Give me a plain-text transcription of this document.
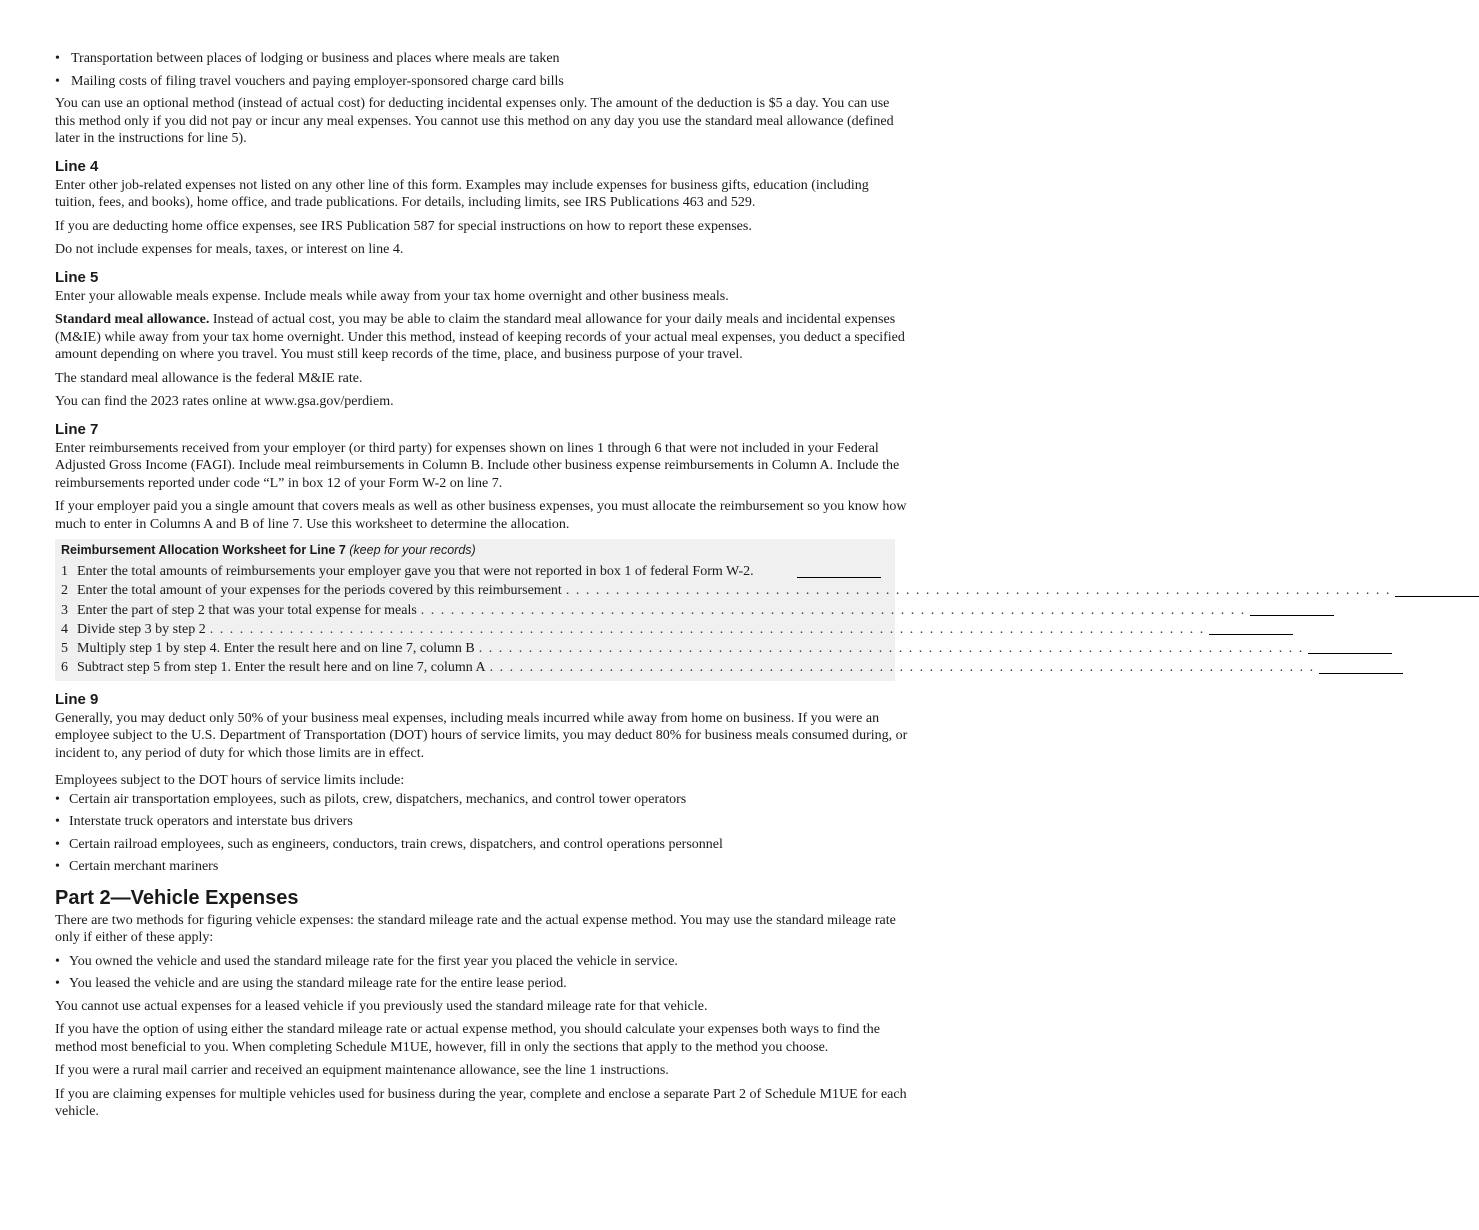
• Transportation between places of lodging or business and places where meals are taken
• Mailing costs of filing travel vouchers and paying employer-sponsored charge card bills

You can use an optional method (instead of actual cost) for deducting incidental expenses only. The amount of the deduction is $5 a day. You can use this method only if you did not pay or incur any meal expenses. You cannot use this method on any day you use the standard meal allowance (defined later in the instructions for line 5).

Line 4

Enter other job-related expenses not listed on any other line of this form. Examples may include expenses for business gifts, education (including tuition, fees, and books), home office, and trade publications. For details, including limits, see IRS Publications 463 and 529.

If you are deducting home office expenses, see IRS Publication 587 for special instructions on how to report these expenses.

Do not include expenses for meals, taxes, or interest on line 4.

Line 5

Enter your allowable meals expense. Include meals while away from your tax home overnight and other business meals.

Standard meal allowance. Instead of actual cost, you may be able to claim the standard meal allowance for your daily meals and incidental expenses (M&IE) while away from your tax home overnight. Under this method, instead of keeping records of your actual meal expenses, you deduct a specified amount depending on where you travel. You must still keep records of the time, place, and business purpose of your travel.

The standard meal allowance is the federal M&IE rate.

You can find the 2023 rates online at www.gsa.gov/perdiem.

Line 7

Enter reimbursements received from your employer (or third party) for expenses shown on lines 1 through 6 that were not included in your Federal Adjusted Gross Income (FAGI). Include meal reimbursements in Column B. Include other business expense reimbursements in Column A. Include the reimbursements reported under code “L” in box 12 of your Form W-2 on line 7.

If your employer paid you a single amount that covers meals as well as other business expenses, you must allocate the reimbursement so you know how much to enter in Columns A and B of line 7. Use this worksheet to determine the allocation.

Reimbursement Allocation Worksheet for Line 7 (keep for your records)
1 Enter the total amounts of reimbursements your employer gave you that were not reported in box 1 of federal Form W-2.
2 Enter the total amount of your expenses for the periods covered by this reimbursement . . . . . . . . . . . . . . . . . . . . . . . . . . . . . . . . . . . . . . . . . . . . . . . . . . . . . . . . . . . . . . . . . . . . . . . . . . . . . . . . . . .
3 Enter the part of step 2 that was your total expense for meals . . . . . . . . . . . . . . . . . . . . . . . . . . . . . . . . . . . . . . . . . . . . . . . . . . . . . . . . . . . . . . . . . . . . . . . . . . . . . . . . . . .
4 Divide step 3 by step 2 . . . . . . . . . . . . . . . . . . . . . . . . . . . . . . . . . . . . . . . . . . . . . . . . . . . . . . . . . . . . . . . . . . . . . . . . . . . . . . . . . . . . . . . . . . . . . . . . . . . .
5 Multiply step 1 by step 4. Enter the result here and on line 7, column B . . . . . . . . . . . . . . . . . . . . . . . . . . . . . . . . . . . . . . . . . . . . . . . . . . . . . . . . . . . . . . . . . . . . . . . . . . . . . . . . . . .
6 Subtract step 5 from step 1. Enter the result here and on line 7, column A . . . . . . . . . . . . . . . . . . . . . . . . . . . . . . . . . . . . . . . . . . . . . . . . . . . . . . . . . . . . . . . . . . . . . . . . . . . . . . . . . . .
Line 9

Generally, you may deduct only 50% of your business meal expenses, including meals incurred while away from home on business. If you were an employee subject to the U.S. Department of Transportation (DOT) hours of service limits, you may deduct 80% for business meals consumed during, or incident to, any period of duty for which those limits are in effect.

Employees subject to the DOT hours of service limits include:

• Certain air transportation employees, such as pilots, crew, dispatchers, mechanics, and control tower operators
• Interstate truck operators and interstate bus drivers
• Certain railroad employees, such as engineers, conductors, train crews, dispatchers, and control operations personnel
• Certain merchant mariners
Part 2—Vehicle Expenses

There are two methods for figuring vehicle expenses: the standard mileage rate and the actual expense method. You may use the standard mileage rate only if either of these apply:

• You owned the vehicle and used the standard mileage rate for the first year you placed the vehicle in service.
• You leased the vehicle and are using the standard mileage rate for the entire lease period.

You cannot use actual expenses for a leased vehicle if you previously used the standard mileage rate for that vehicle.

If you have the option of using either the standard mileage rate or actual expense method, you should calculate your expenses both ways to find the method most beneficial to you. When completing Schedule M1UE, however, fill in only the sections that apply to the method you choose.

If you were a rural mail carrier and received an equipment maintenance allowance, see the line 1 instructions.

If you are claiming expenses for multiple vehicles used for business during the year, complete and enclose a separate Part 2 of Schedule M1UE for each vehicle.
